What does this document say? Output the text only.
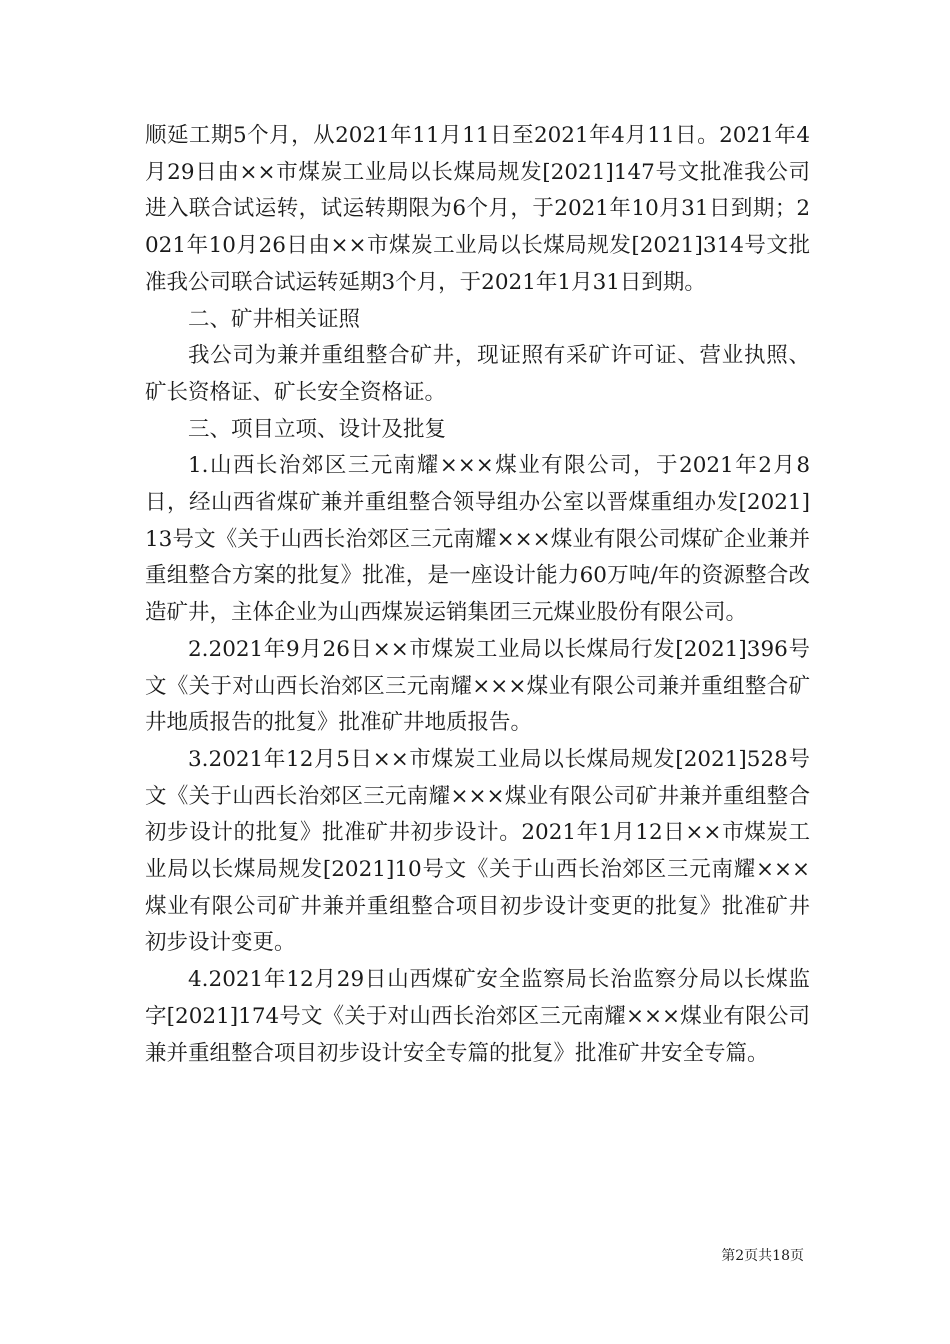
顺延工期5个月，从2021年11月11日至2021年4月11日。2021年4月29日由××市煤炭工业局以长煤局规发[2021]147号文批准我公司进入联合试运转，试运转期限为6个月，于2021年10月31日到期；2021年10月26日由××市煤炭工业局以长煤局规发[2021]314号文批准我公司联合试运转延期3个月，于2021年1月31日到期。

二、矿井相关证照

我公司为兼并重组整合矿井，现证照有采矿许可证、营业执照、矿长资格证、矿长安全资格证。

三、项目立项、设计及批复

1.山西长治郊区三元南耀×××煤业有限公司，于2021年2月8日，经山西省煤矿兼并重组整合领导组办公室以晋煤重组办发[2021]13号文《关于山西长治郊区三元南耀×××煤业有限公司煤矿企业兼并重组整合方案的批复》批准，是一座设计能力60万吨/年的资源整合改造矿井，主体企业为山西煤炭运销集团三元煤业股份有限公司。

2.2021年9月26日××市煤炭工业局以长煤局行发[2021]396号文《关于对山西长治郊区三元南耀×××煤业有限公司兼并重组整合矿井地质报告的批复》批准矿井地质报告。

3.2021年12月5日××市煤炭工业局以长煤局规发[2021]528号文《关于山西长治郊区三元南耀×××煤业有限公司矿井兼并重组整合初步设计的批复》批准矿井初步设计。2021年1月12日××市煤炭工业局以长煤局规发[2021]10号文《关于山西长治郊区三元南耀×××煤业有限公司矿井兼并重组整合项目初步设计变更的批复》批准矿井初步设计变更。

4.2021年12月29日山西煤矿安全监察局长治监察分局以长煤监字[2021]174号文《关于对山西长治郊区三元南耀×××煤业有限公司兼并重组整合项目初步设计安全专篇的批复》批准矿井安全专篇。

第2页共18页
